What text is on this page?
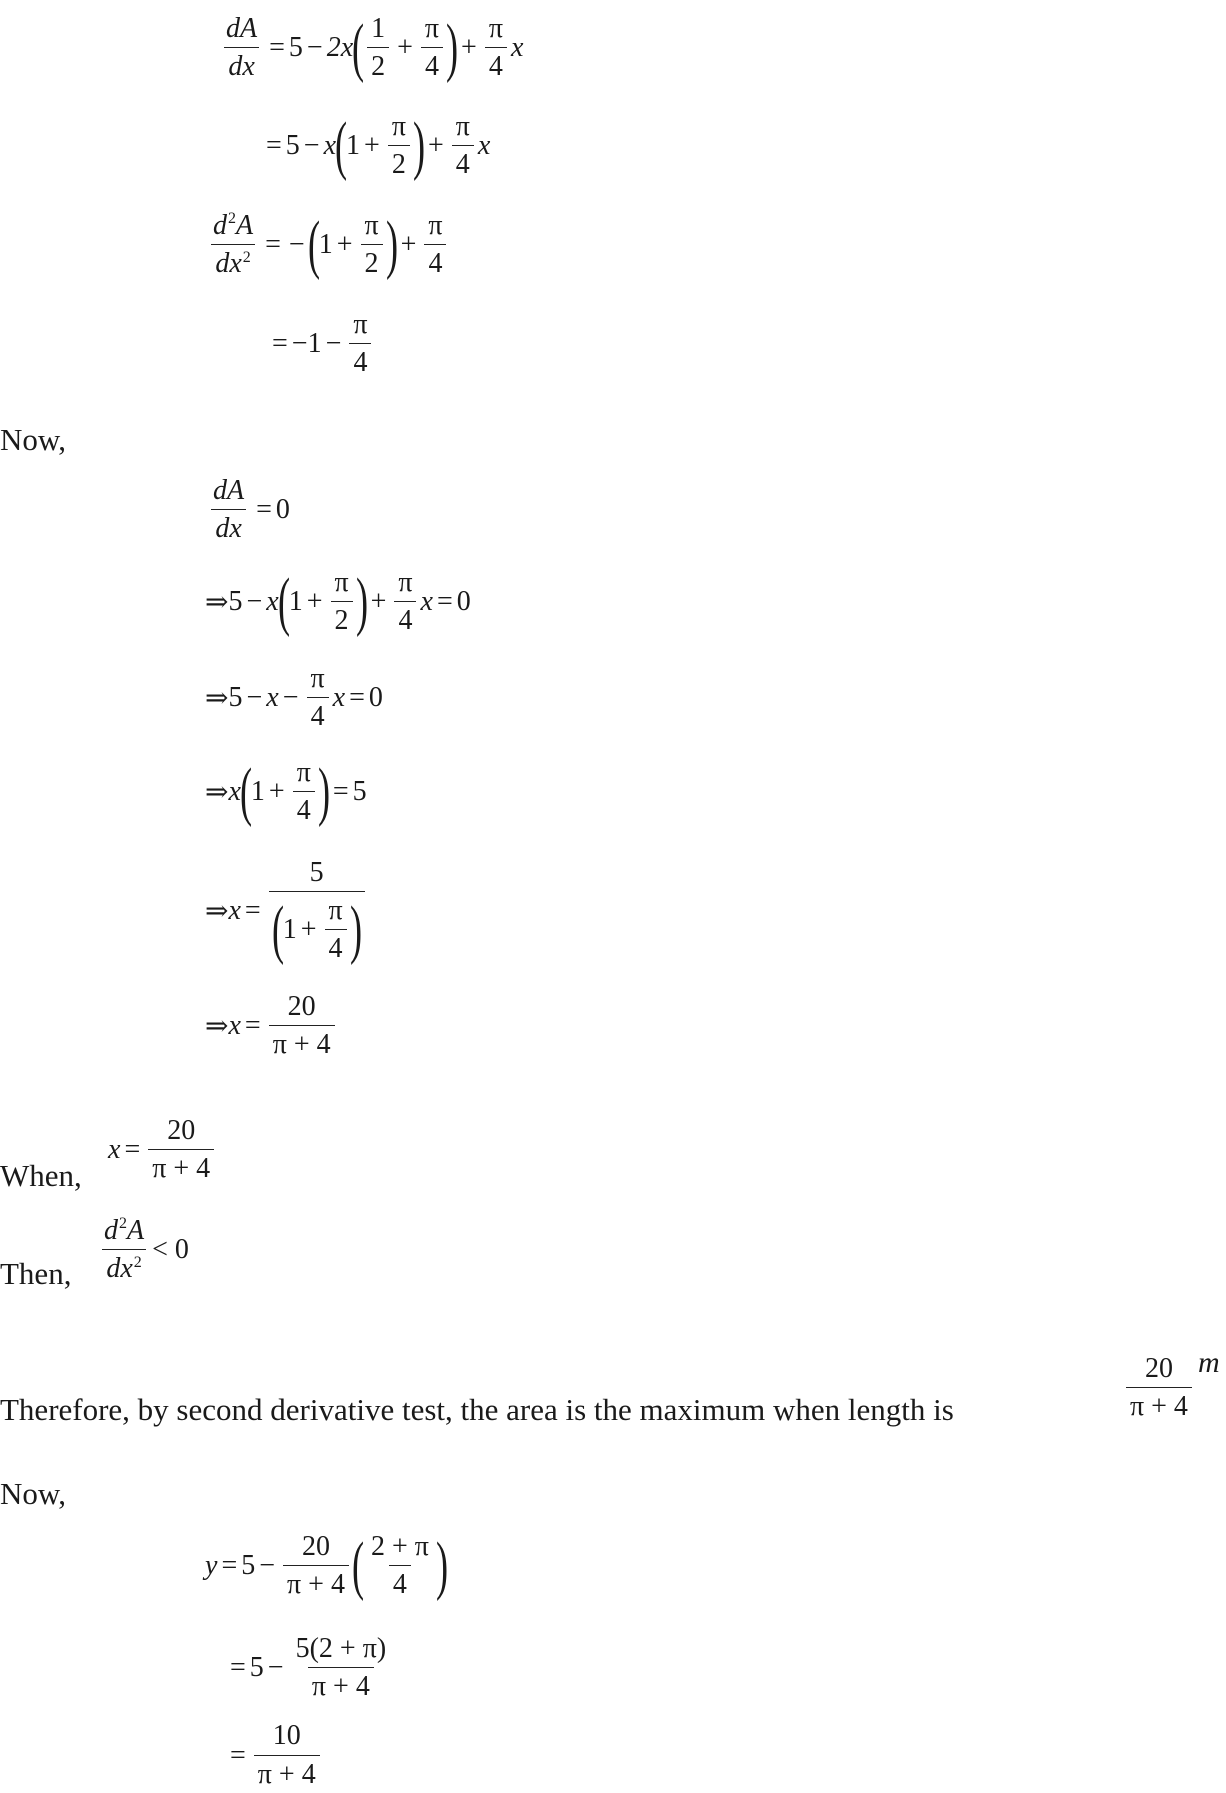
$\frac{dA}{dx} = 5 - 2x$
( 1
2
+ $\frac{\pi}{4}$ ) + $\frac{\pi}{4}$ x
= 5 − x
(
$1 + \frac{\pi}{2}$ ) + $\frac{\pi}{4}$ x
$\frac{d^2A}{dx^2}$ = − (
$1 + \frac{\pi}{2}$ ) + $\frac{\pi}{4}$
= $-1 - \frac{\pi}{4}$
Now,
$\frac{dA}{dx} = 0$
⇒ 5 − x
(
$1 + \frac{\pi}{2}$ ) + $\frac{\pi}{4}$ x = 0
⇒ $5 - x - \frac{\pi}{4}$ x = 0
⇒ x
(
$1 + \frac{\pi}{4}$ ) = 5
⇒ x = 5
(
$1 + \frac{\pi}{4}$ )
⇒ $x = \frac{20}{\pi + 4}$
When,
$x = \frac{20}{\pi + 4}$
Then,
$d^2A$
$dx^2 < 0$
Therefore, by second derivative test, the area is the maximum when length is
20
π + 4
m
Now,
$y = 5 - \frac{20}{\pi + 4}$ ( 2 + π
4 )
= $5 - \frac{5(2 + \pi)}{\pi + 4}$
= $\frac{10}{\pi + 4}$
